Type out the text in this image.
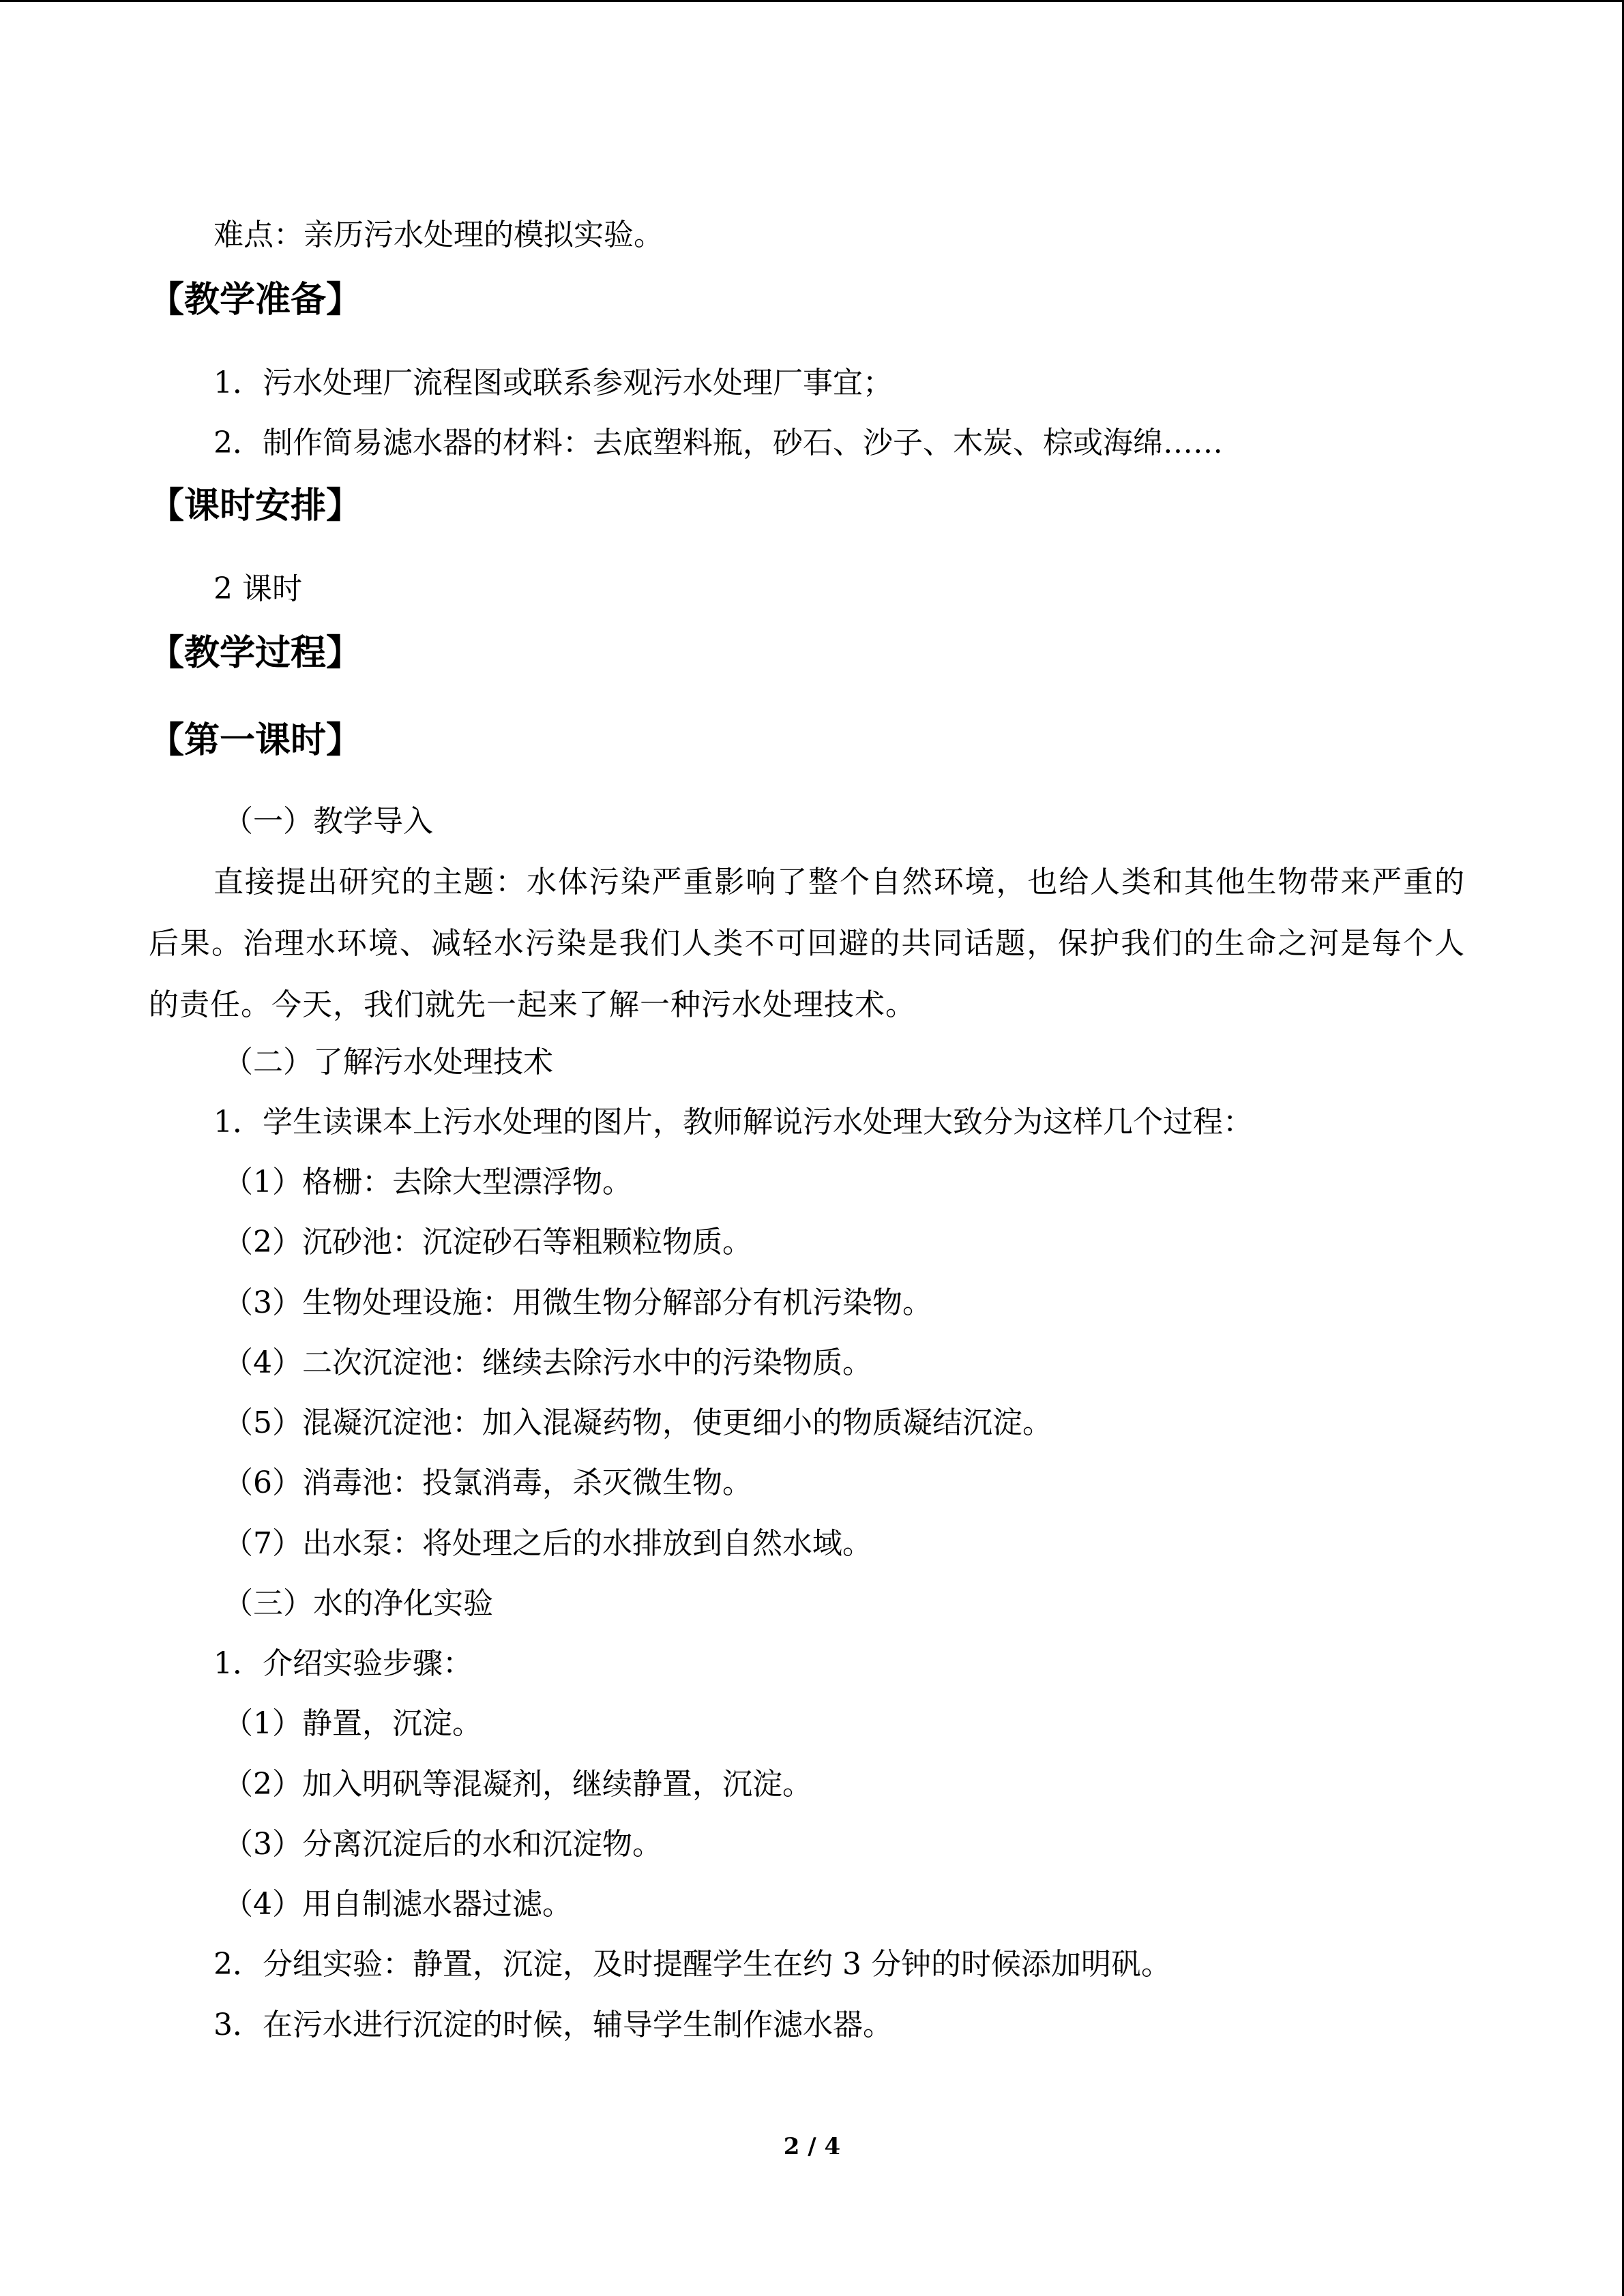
难点：亲历污水处理的模拟实验。
【教学准备】
1．污水处理厂流程图或联系参观污水处理厂事宜；
2．制作简易滤水器的材料：去底塑料瓶，砂石、沙子、木炭、棕或海绵……
【课时安排】
2 课时
【教学过程】
【第一课时】
（一）教学导入
直接提出研究的主题：水体污染严重影响了整个自然环境，也给人类和其他生物带来严重的后果。治理水环境、减轻水污染是我们人类不可回避的共同话题，保护我们的生命之河是每个人的责任。今天，我们就先一起来了解一种污水处理技术。
（二）了解污水处理技术
1．学生读课本上污水处理的图片，教师解说污水处理大致分为这样几个过程：
（1）格栅：去除大型漂浮物。
（2）沉砂池：沉淀砂石等粗颗粒物质。
（3）生物处理设施：用微生物分解部分有机污染物。
（4）二次沉淀池：继续去除污水中的污染物质。
（5）混凝沉淀池：加入混凝药物，使更细小的物质凝结沉淀。
（6）消毒池：投氯消毒，杀灭微生物。
（7）出水泵：将处理之后的水排放到自然水域。
（三）水的净化实验
1．介绍实验步骤：
（1）静置，沉淀。
（2）加入明矾等混凝剂，继续静置，沉淀。
（3）分离沉淀后的水和沉淀物。
（4）用自制滤水器过滤。
2．分组实验：静置，沉淀，及时提醒学生在约 3 分钟的时候添加明矾。
3．在污水进行沉淀的时候，辅导学生制作滤水器。
2 / 4
